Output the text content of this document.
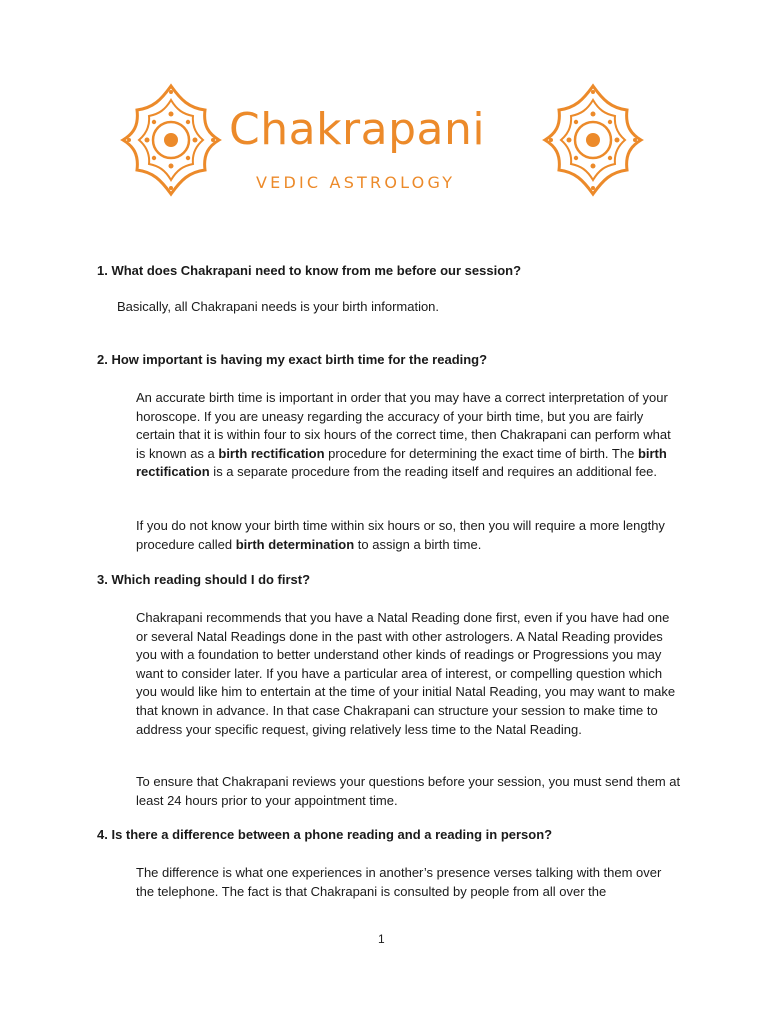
Chakrapani
VEDIC ASTROLOGY
1. What does Chakrapani need to know from me before our session?
Basically, all Chakrapani needs is your birth information.
2. How important is having my exact birth time for the reading?
An accurate birth time is important in order that you may have a correct interpretation of your horoscope. If you are uneasy regarding the accuracy of your birth time, but you are fairly certain that it is within four to six hours of the correct time, then Chakrapani can perform what is known as a birth rectification procedure for determining the exact time of birth. The birth rectification is a separate procedure from the reading itself and requires an additional fee.
If you do not know your birth time within six hours or so, then you will require a more lengthy procedure called birth determination to assign a birth time.
3. Which reading should I do first?
Chakrapani recommends that you have a Natal Reading done first, even if you have had one or several Natal Readings done in the past with other astrologers. A Natal Reading provides you with a foundation to better understand other kinds of readings or Progressions you may want to consider later. If you have a particular area of interest, or compelling question which you would like him to entertain at the time of your initial Natal Reading, you may want to make that known in advance. In that case Chakrapani can structure your session to make time to address your specific request, giving relatively less time to the Natal Reading.
To ensure that Chakrapani reviews your questions before your session, you must send them at least 24 hours prior to your appointment time.
4. Is there a difference between a phone reading and a reading in person?
The difference is what one experiences in another’s presence verses talking with them over the telephone. The fact is that Chakrapani is consulted by people from all over the
1
